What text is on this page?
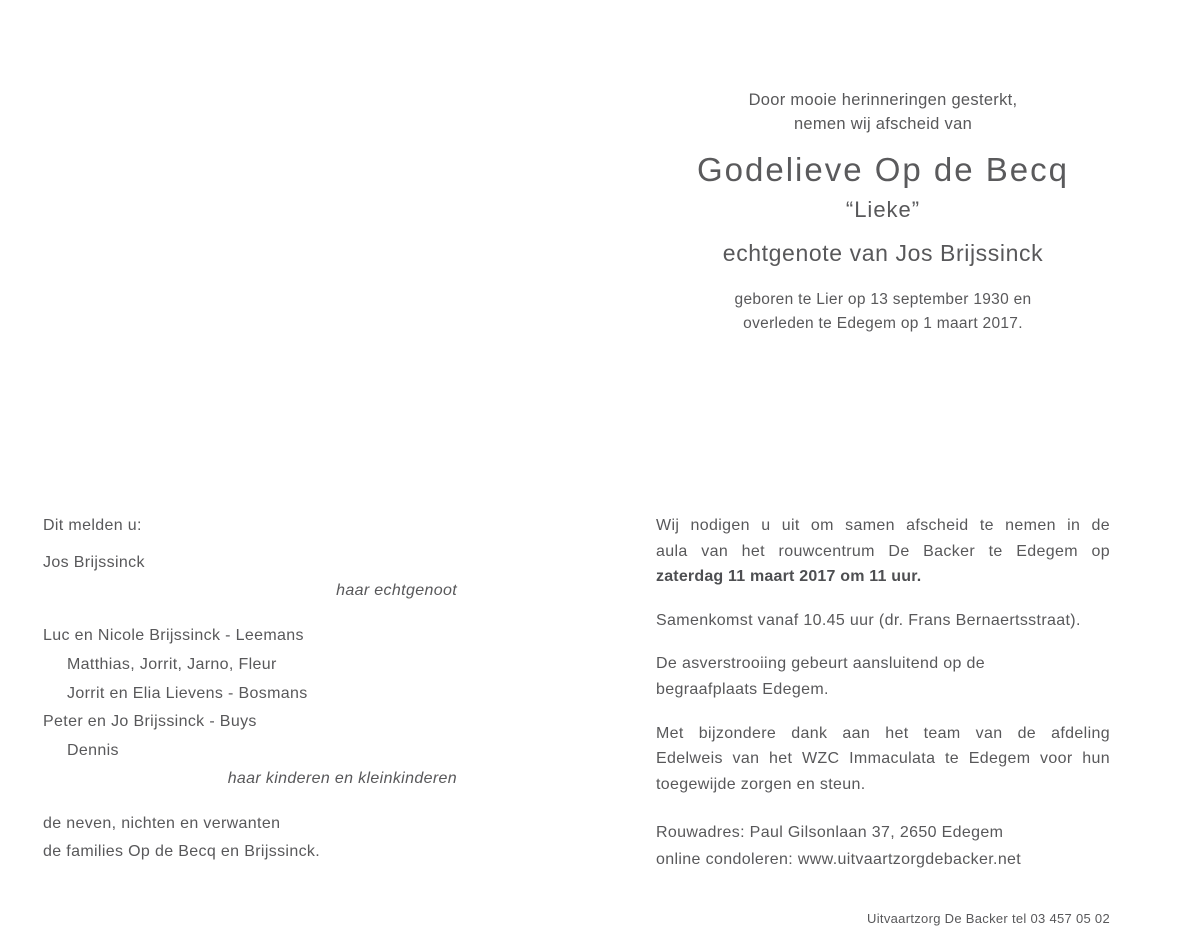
Door mooie herinneringen gesterkt,
nemen wij afscheid van

Godelieve Op de Becq
“Lieke”
echtgenote van Jos Brijssinck

geboren te Lier op 13 september 1930 en
overleden te Edegem op 1 maart 2017.

Dit melden u:

Jos Brijssinck

haar echtgenoot

Luc en Nicole Brijssinck - Leemans
Matthias, Jorrit, Jarno, Fleur
Jorrit en Elia Lievens - Bosmans
Peter en Jo Brijssinck - Buys
Dennis

haar kinderen en kleinkinderen

de neven, nichten en verwanten
de families Op de Becq en Brijssinck.

Wij nodigen u uit om samen afscheid te nemen in de
aula van het rouwcentrum De Backer te Edegem op
zaterdag 11 maart 2017 om 11 uur.

Samenkomst vanaf 10.45 uur (dr. Frans Bernaertsstraat).

De asverstrooiing gebeurt aansluitend op de
begraafplaats Edegem.

Met bijzondere dank aan het team van de afdeling
Edelweis van het WZC Immaculata te Edegem voor hun
toegewijde zorgen en steun.

Rouwadres: Paul Gilsonlaan 37, 2650 Edegem
online condoleren: www.uitvaartzorgdebacker.net

Uitvaartzorg De Backer tel 03 457 05 02
